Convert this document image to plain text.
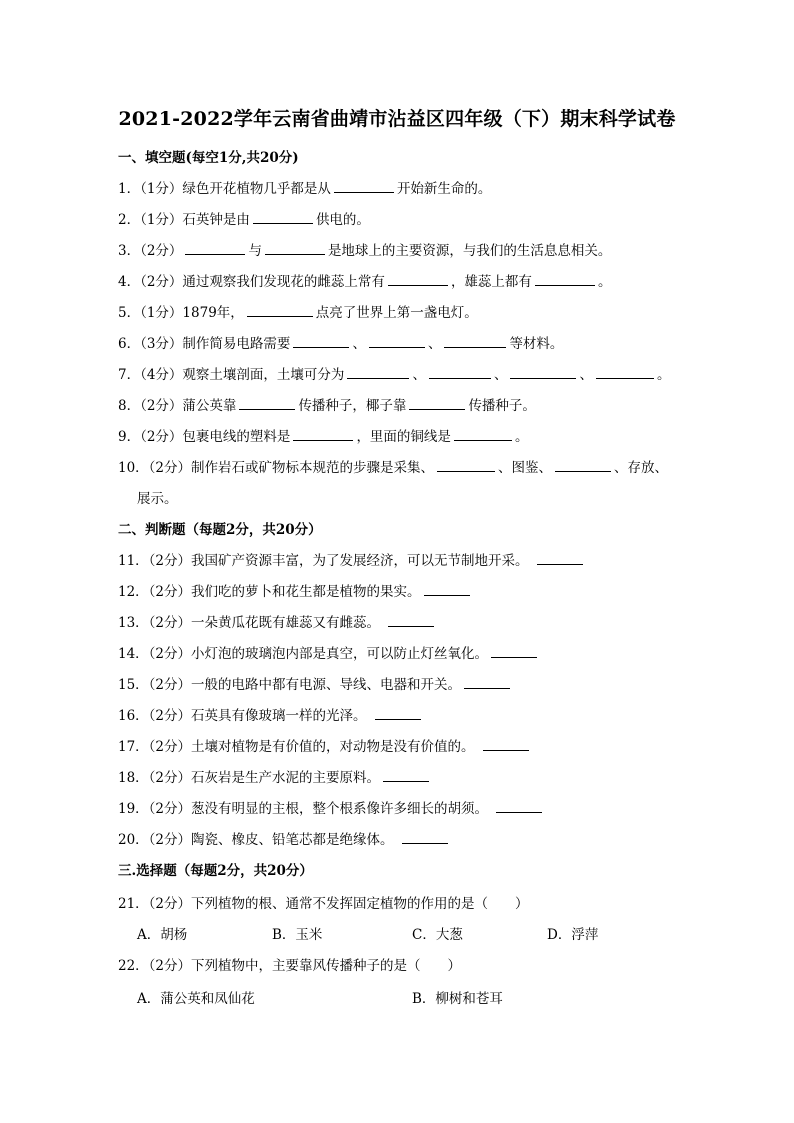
2021-2022学年云南省曲靖市沾益区四年级（下）期末科学试卷
一、填空题(每空1分,共20分)
1．（1分）绿色开花植物几乎都是从	开始新生命的。
2．（1分）石英钟是由	供电的。
3．（2分）	与	是地球上的主要资源，与我们的生活息息相关。
4．（2分）通过观察我们发现花的雌蕊上常有	，雄蕊上都有	。
5．（1分）1879年，	点亮了世界上第一盏电灯。
6．（3分）制作简易电路需要	、	、	等材料。
7．（4分）观察土壤剖面，土壤可分为	、	、	、	。
8．（2分）蒲公英靠	传播种子，椰子靠	传播种子。
9．（2分）包裹电线的塑料是	，里面的铜线是	。
10．（2分）制作岩石或矿物标本规范的步骤是采集、	、图鉴、	、存放、
展示。
二、判断题（每题2分，共20分）
11．（2分）我国矿产资源丰富，为了发展经济，可以无节制地开采。
12．（2分）我们吃的萝卜和花生都是植物的果实。
13．（2分）一朵黄瓜花既有雄蕊又有雌蕊。
14．（2分）小灯泡的玻璃泡内部是真空，可以防止灯丝氧化。
15．（2分）一般的电路中都有电源、导线、电器和开关。
16．（2分）石英具有像玻璃一样的光泽。
17．（2分）土壤对植物是有价值的，对动物是没有价值的。
18．（2分）石灰岩是生产水泥的主要原料。
19．（2分）葱没有明显的主根，整个根系像许多细长的胡须。
20．（2分）陶瓷、橡皮、铅笔芯都是绝缘体。
三.选择题（每题2分，共20分）
21．（2分）下列植物的根、通常不发挥固定植物的作用的是（　　）
A．胡杨	B．玉米	C．大葱	D．浮萍
22．（2分）下列植物中，主要靠风传播种子的是（　　）
A．蒲公英和凤仙花	B．柳树和苍耳
